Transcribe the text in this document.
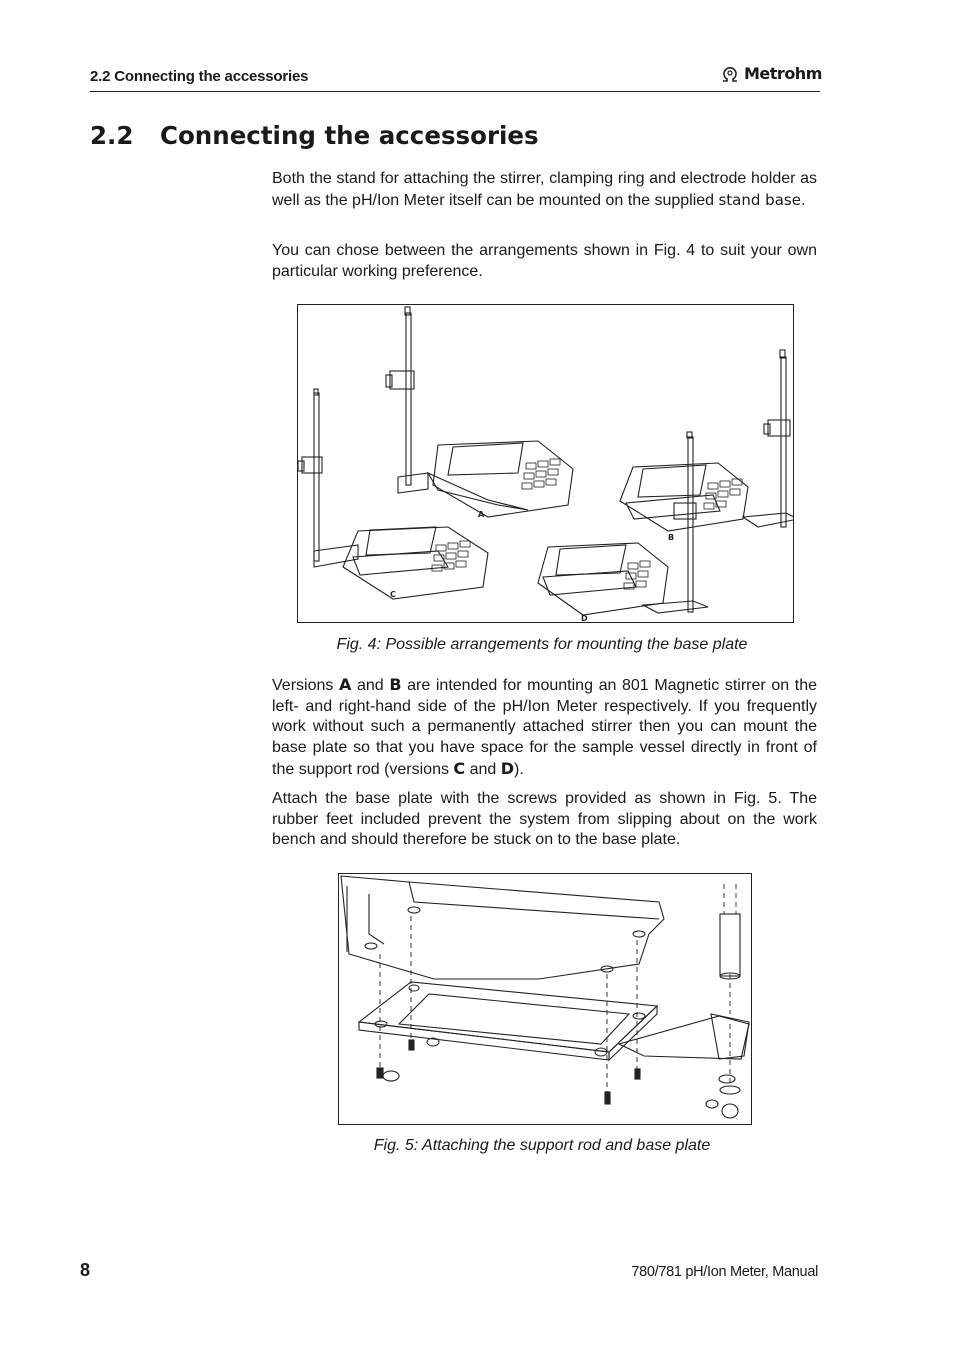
2.2 Connecting the accessories	Metrohm
2.2	Connecting the accessories
Both the stand for attaching the stirrer, clamping ring and electrode holder as well as the pH/Ion Meter itself can be mounted on the supplied stand base.
You can chose between the arrangements shown in Fig. 4 to suit your own particular working preference.
A
B
C
D
Fig. 4: Possible arrangements for mounting the base plate
Versions A and B are intended for mounting an 801 Magnetic stirrer on the left- and right-hand side of the pH/Ion Meter respectively. If you frequently work without such a permanently attached stirrer then you can mount the base plate so that you have space for the sample vessel directly in front of the support rod (versions C and D).
Attach the base plate with the screws provided as shown in Fig. 5. The rubber feet included prevent the system from slipping about on the work bench and should therefore be stuck on to the base plate.
Fig. 5: Attaching the support rod and base plate
8	780/781 pH/Ion Meter, Manual
